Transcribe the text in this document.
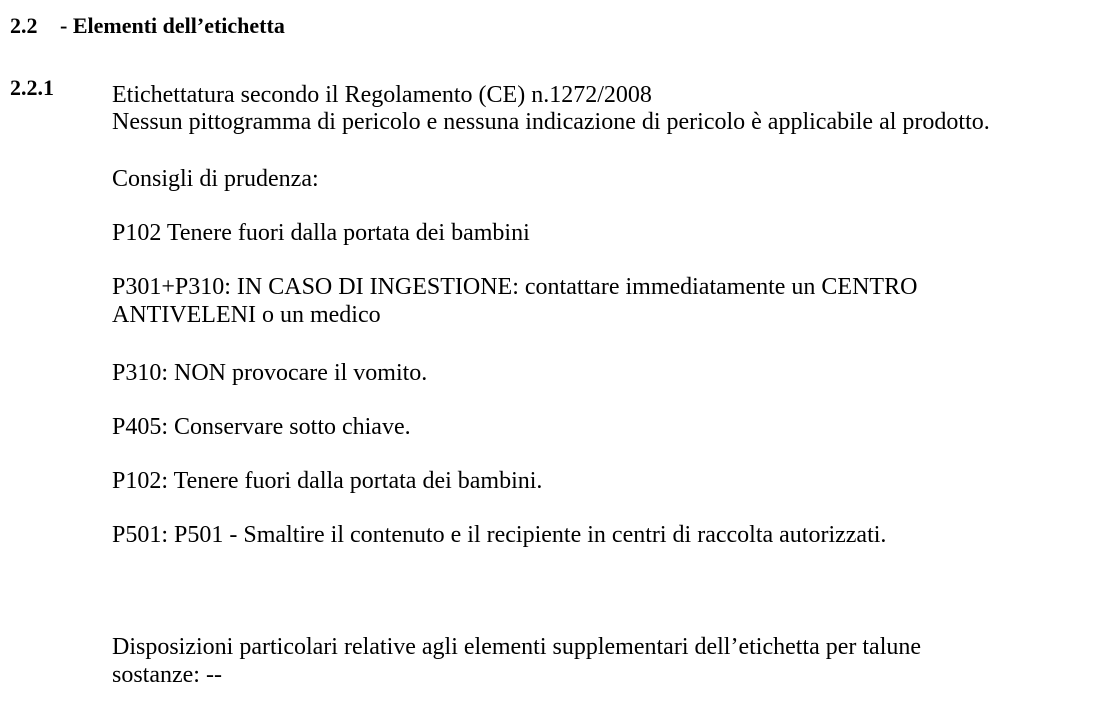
2.2 - Elementi dell’etichetta
2.2.1 Etichettatura secondo il Regolamento (CE) n.1272/2008
Nessun pittogramma di pericolo e nessuna indicazione di pericolo è applicabile al prodotto.
Consigli di prudenza:
P102 Tenere fuori dalla portata dei bambini
P301+P310: IN CASO DI INGESTIONE: contattare immediatamente un CENTRO ANTIVELENI o un medico
P310: NON provocare il vomito.
P405: Conservare sotto chiave.
P102: Tenere fuori dalla portata dei bambini.
P501: P501 - Smaltire il contenuto e il recipiente in centri di raccolta autorizzati.
Disposizioni particolari relative agli elementi supplementari dell’etichetta per talune sostanze: --
